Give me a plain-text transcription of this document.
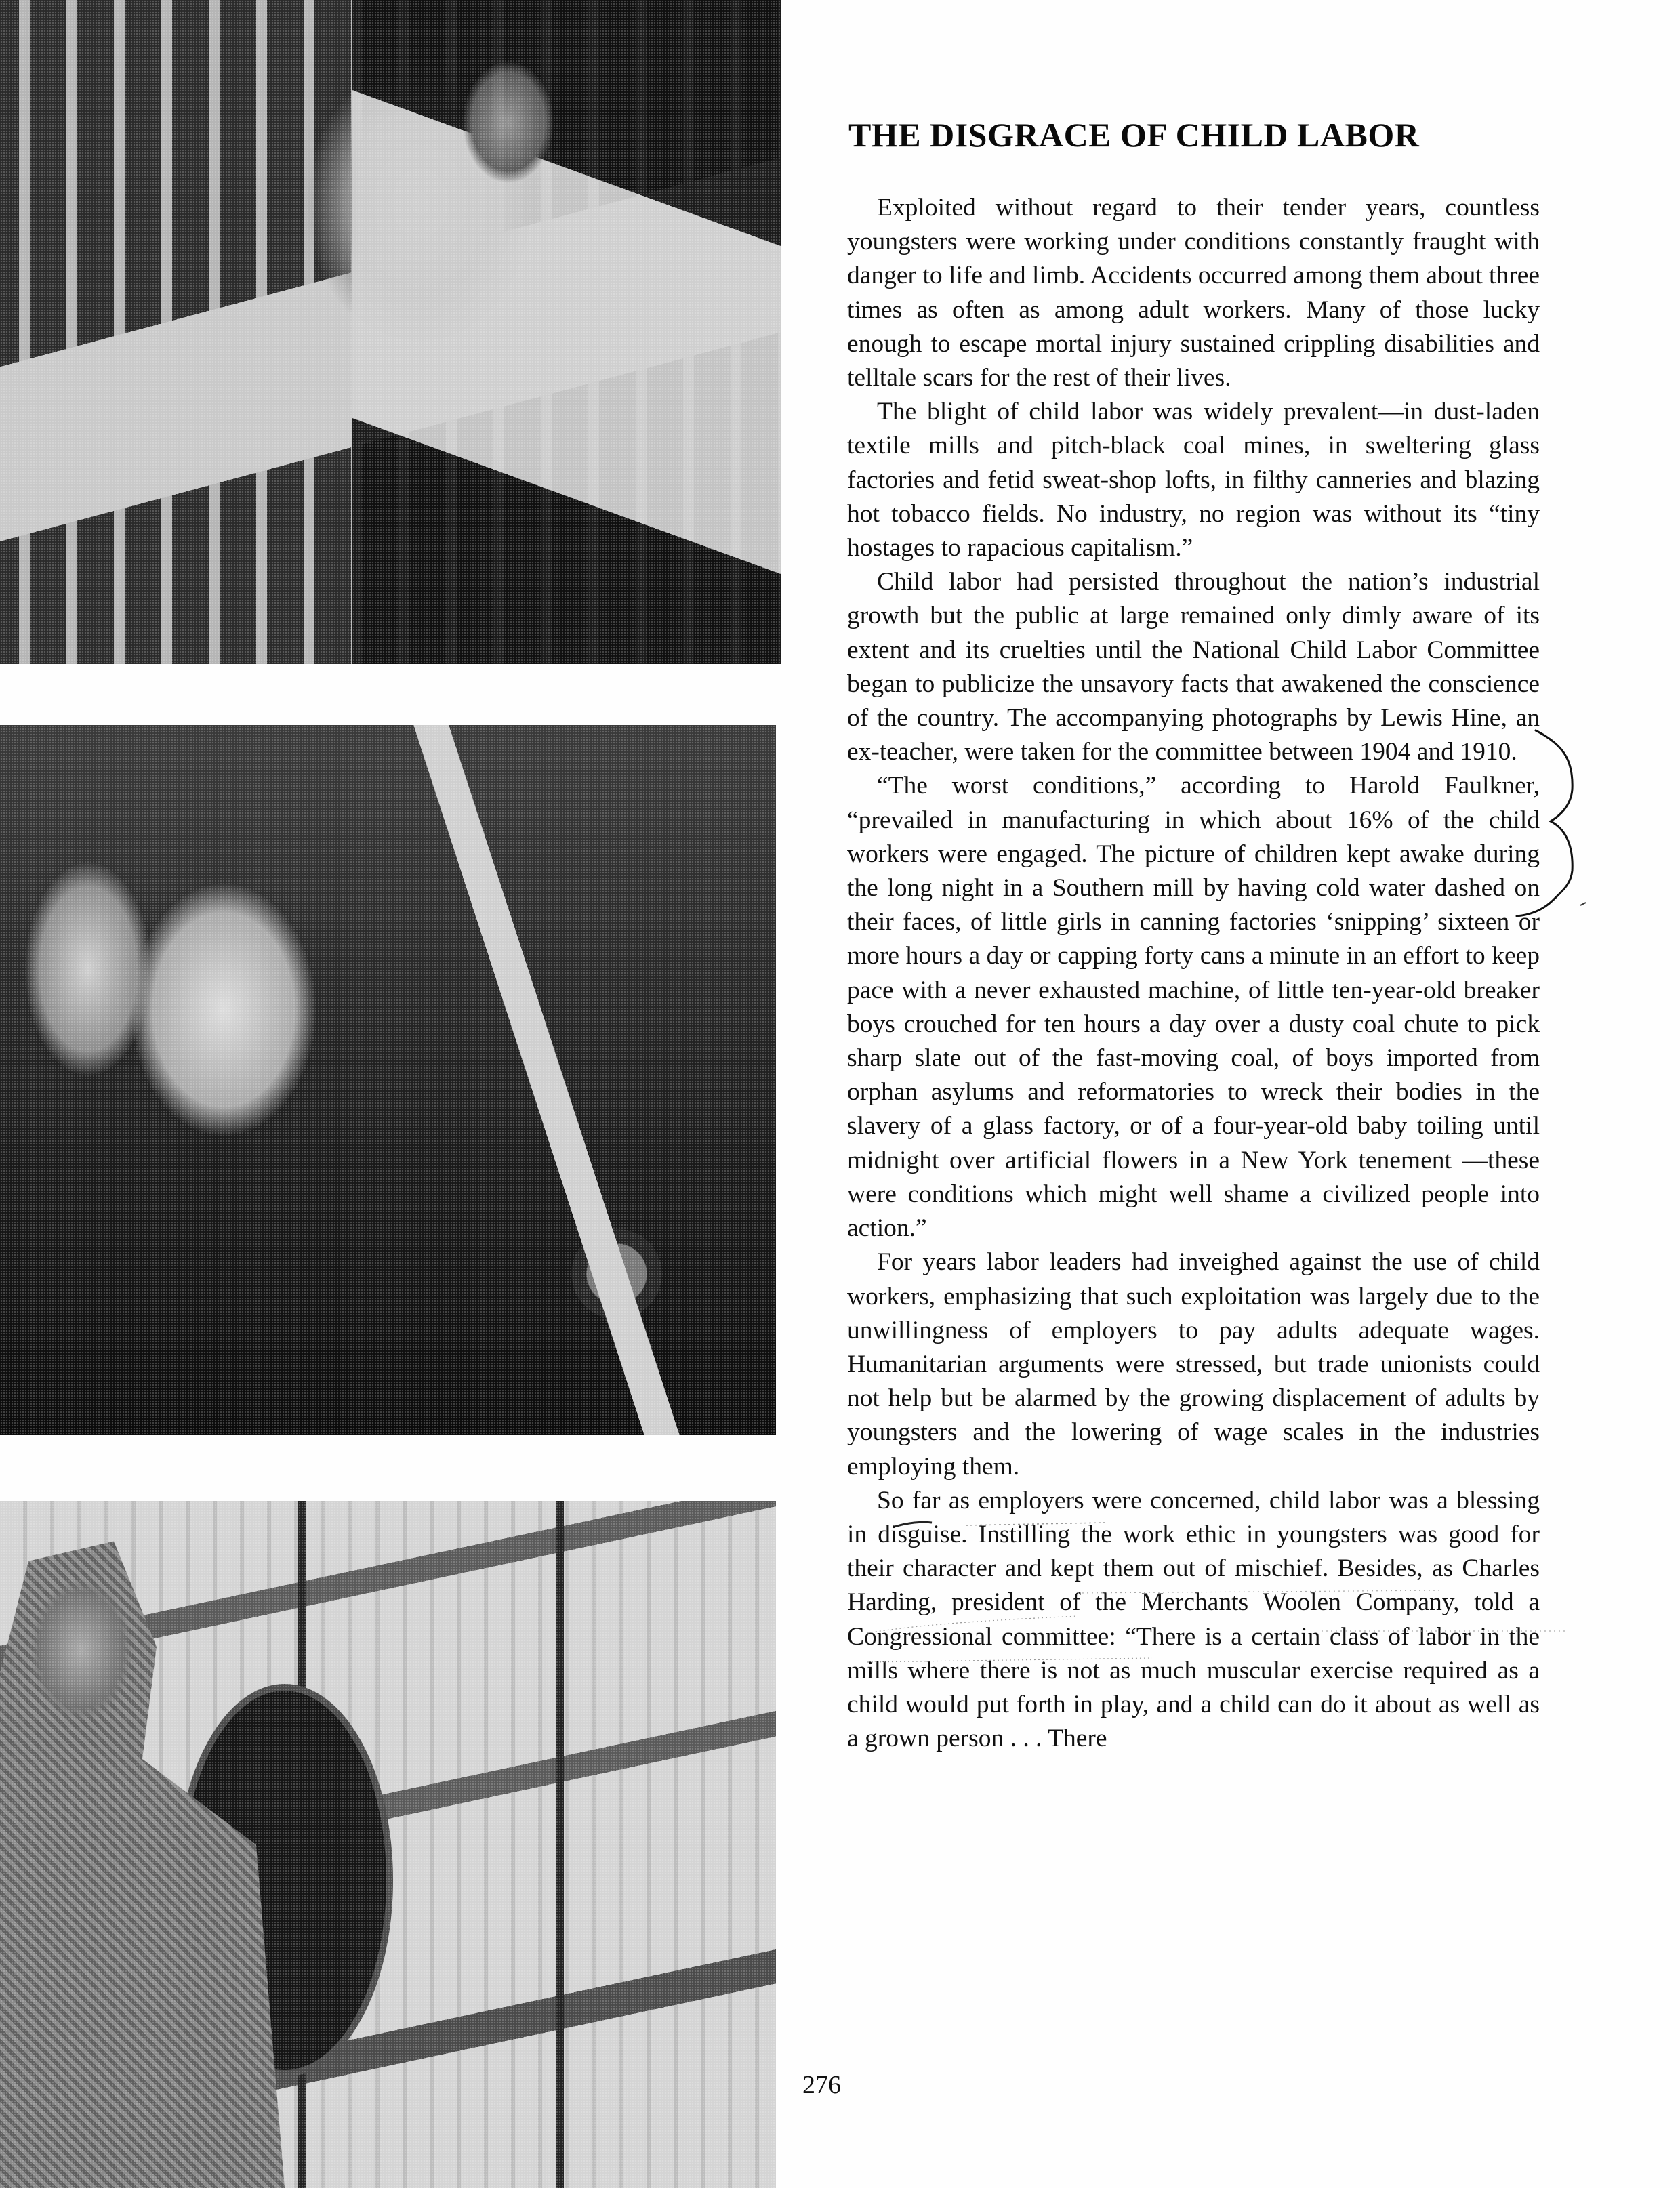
THE DISGRACE OF CHILD LABOR

Exploited without regard to their tender years, countless youngsters were working under conditions constantly fraught with danger to life and limb. Accidents occurred among them about three times as often as among adult workers. Many of those lucky enough to escape mortal injury sustained crippling disabilities and telltale scars for the rest of their lives.

The blight of child labor was widely prevalent—in dust-laden textile mills and pitch-black coal mines, in sweltering glass factories and fetid sweat-shop lofts, in filthy canneries and blazing hot tobacco fields. No industry, no region was without its “tiny hostages to rapacious capitalism.”

Child labor had persisted throughout the nation’s industrial growth but the public at large remained only dimly aware of its extent and its cruelties until the National Child Labor Committee began to publicize the unsavory facts that awakened the conscience of the country. The accompanying photographs by Lewis Hine, an ex-teacher, were taken for the committee between 1904 and 1910.

“The worst conditions,” according to Harold Faulkner, “prevailed in manufacturing in which about 16% of the child workers were engaged. The picture of children kept awake during the long night in a Southern mill by having cold water dashed on their faces, of little girls in canning factories ‘snipping’ sixteen or more hours a day or capping forty cans a minute in an effort to keep pace with a never exhausted machine, of little ten-year-old breaker boys crouched for ten hours a day over a dusty coal chute to pick sharp slate out of the fast-moving coal, of boys imported from orphan asylums and reformatories to wreck their bodies in the slavery of a glass factory, or of a four-year-old baby toiling until midnight over artificial flowers in a New York tenement —these were conditions which might well shame a civilized people into action.”

For years labor leaders had inveighed against the use of child workers, emphasizing that such exploitation was largely due to the unwillingness of employers to pay adults adequate wages. Humanitarian arguments were stressed, but trade unionists could not help but be alarmed by the growing displacement of adults by youngsters and the lowering of wage scales in the industries employing them.

So far as employers were concerned, child labor was a blessing in disguise. Instilling the work ethic in youngsters was good for their character and kept them out of mischief. Besides, as Charles Harding, president of the Merchants Woolen Company, told a Congressional committee: “There is a certain class of labor in the mills where there is not as much muscular exercise required as a child would put forth in play, and a child can do it about as well as a grown person . . . There

276
